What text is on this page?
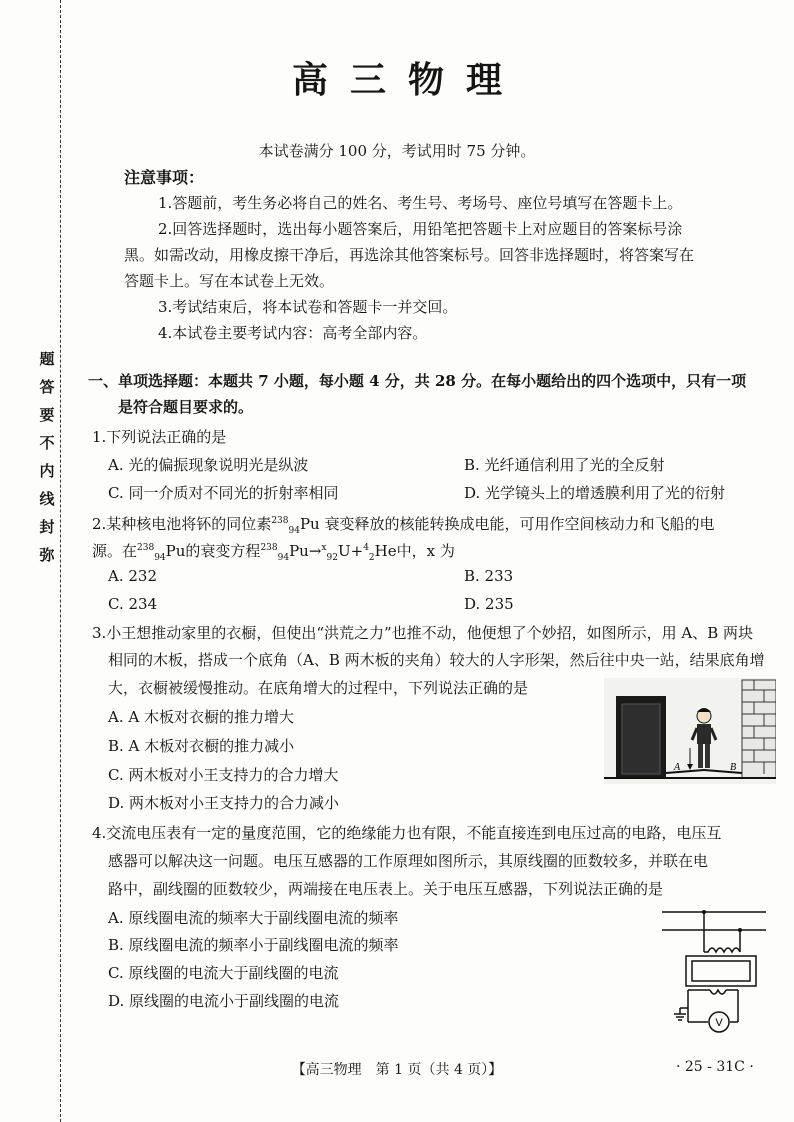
题
答
要
不
内
线
封
弥
高三物理
本试卷满分 100 分，考试用时 75 分钟。
注意事项：
1.答题前，考生务必将自己的姓名、考生号、考场号、座位号填写在答题卡上。
2.回答选择题时，选出每小题答案后，用铅笔把答题卡上对应题目的答案标号涂
黑。如需改动，用橡皮擦干净后，再选涂其他答案标号。回答非选择题时，将答案写在
答题卡上。写在本试卷上无效。
3.考试结束后，将本试卷和答题卡一并交回。
4.本试卷主要考试内容：高考全部内容。
一、单项选择题：本题共 7 小题，每小题 4 分，共 28 分。在每小题给出的四个选项中，只有一项
是符合题目要求的。
1.下列说法正确的是
A. 光的偏振现象说明光是纵波	B. 光纤通信利用了光的全反射
C. 同一介质对不同光的折射率相同	D. 光学镜头上的增透膜利用了光的衍射
2.某种核电池将钚的同位素$^{238}_{94}$Pu 衰变释放的核能转换成电能，可用作空间核动力和飞船的电
源。在$^{238}_{94}$Pu的衰变方程$^{238}_{94}$Pu→$^x_{92}$U+$^4_2$He中，x 为
A. 232	B. 233
C. 234	D. 235
3.小王想推动家里的衣橱，但使出“洪荒之力”也推不动，他便想了个妙招，如图所示，用 A、B 两块
相同的木板，搭成一个底角（A、B 两木板的夹角）较大的人字形架，然后往中央一站，结果底角增
大，衣橱被缓慢推动。在底角增大的过程中，下列说法正确的是
A. A 木板对衣橱的推力增大
B. A 木板对衣橱的推力减小
C. 两木板对小王支持力的合力增大
D. 两木板对小王支持力的合力减小
A	B
4.交流电压表有一定的量度范围，它的绝缘能力也有限，不能直接连到电压过高的电路，电压互
感器可以解决这一问题。电压互感器的工作原理如图所示，其原线圈的匝数较多，并联在电
路中，副线圈的匝数较少，两端接在电压表上。关于电压互感器，下列说法正确的是
A. 原线圈电流的频率大于副线圈电流的频率
B. 原线圈电流的频率小于副线圈电流的频率
C. 原线圈的电流大于副线圈的电流
D. 原线圈的电流小于副线圈的电流
V
【高三物理　第 1 页（共 4 页）】	· 25 - 31C ·
